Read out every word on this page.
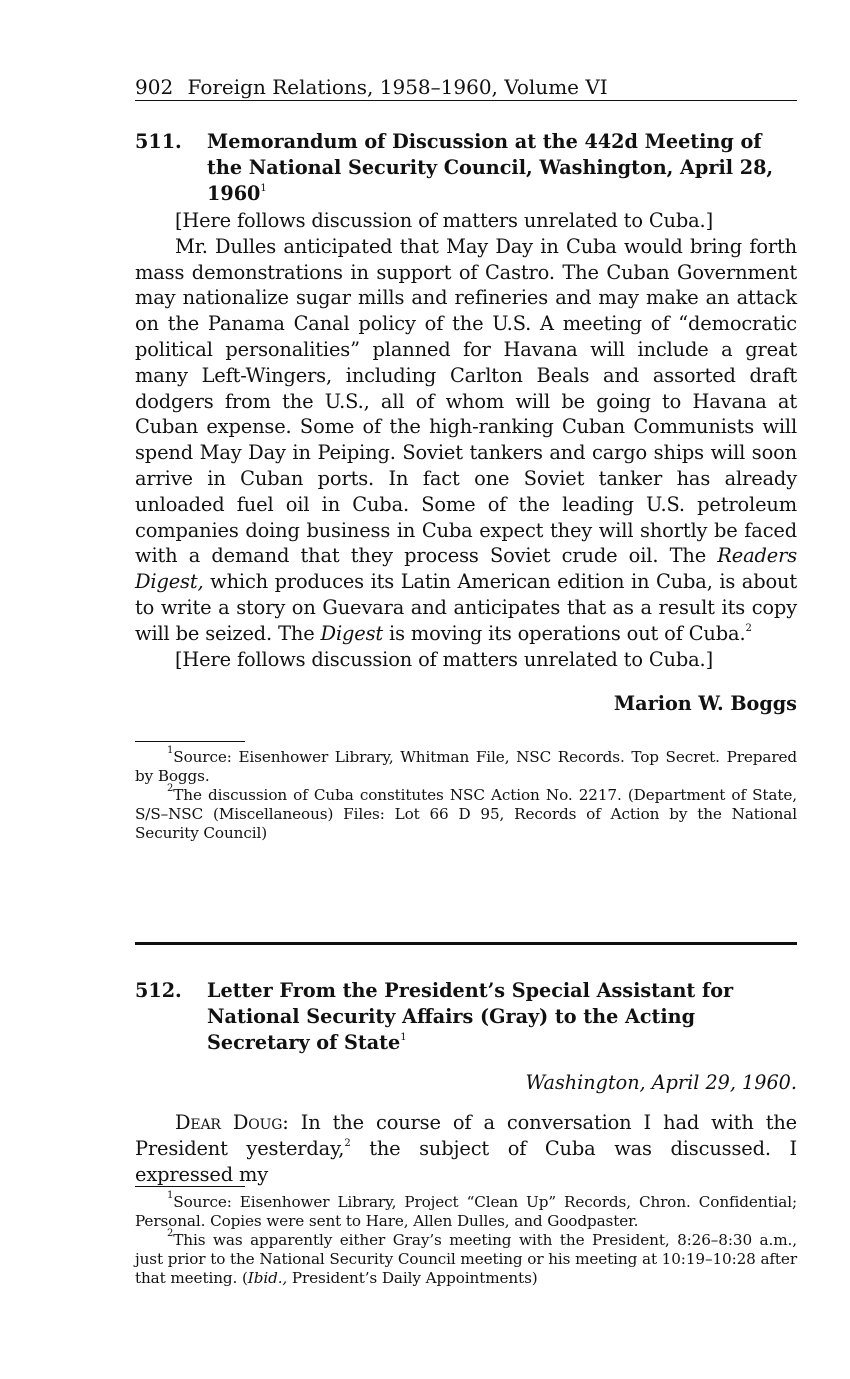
902 Foreign Relations, 1958–1960, Volume VI
511. Memorandum of Discussion at the 442d Meeting of the National Security Council, Washington, April 28, 1960$^1$

[Here follows discussion of matters unrelated to Cuba.]

Mr. Dulles anticipated that May Day in Cuba would bring forth mass demonstrations in support of Castro. The Cuban Government may nationalize sugar mills and refineries and may make an attack on the Panama Canal policy of the U.S. A meeting of “democratic political personalities” planned for Havana will include a great many Left-Wingers, including Carlton Beals and assorted draft dodgers from the U.S., all of whom will be going to Havana at Cuban expense. Some of the high-ranking Cuban Communists will spend May Day in Peiping. Soviet tankers and cargo ships will soon arrive in Cuban ports. In fact one Soviet tanker has already unloaded fuel oil in Cuba. Some of the leading U.S. petroleum companies doing business in Cuba expect they will shortly be faced with a demand that they process Soviet crude oil. The Readers Digest, which produces its Latin American edition in Cuba, is about to write a story on Guevara and anticipates that as a result its copy will be seized. The Digest is moving its operations out of Cuba.$^2$

[Here follows discussion of matters unrelated to Cuba.]

Marion W. Boggs

$^1$Source: Eisenhower Library, Whitman File, NSC Records. Top Secret. Prepared by Boggs.

$^2$The discussion of Cuba constitutes NSC Action No. 2217. (Department of State, S/S–NSC (Miscellaneous) Files: Lot 66 D 95, Records of Action by the National Security Council)

512. Letter From the President’s Special Assistant for National Security Affairs (Gray) to the Acting Secretary of State$^1$
Washington, April 29, 1960.

Dear Doug: In the course of a conversation I had with the President yesterday,$^2$ the subject of Cuba was discussed. I expressed my

$^1$Source: Eisenhower Library, Project “Clean Up” Records, Chron. Confidential; Personal. Copies were sent to Hare, Allen Dulles, and Goodpaster.

$^2$This was apparently either Gray’s meeting with the President, 8:26–8:30 a.m., just prior to the National Security Council meeting or his meeting at 10:19–10:28 after that meeting. (Ibid., President’s Daily Appointments)
